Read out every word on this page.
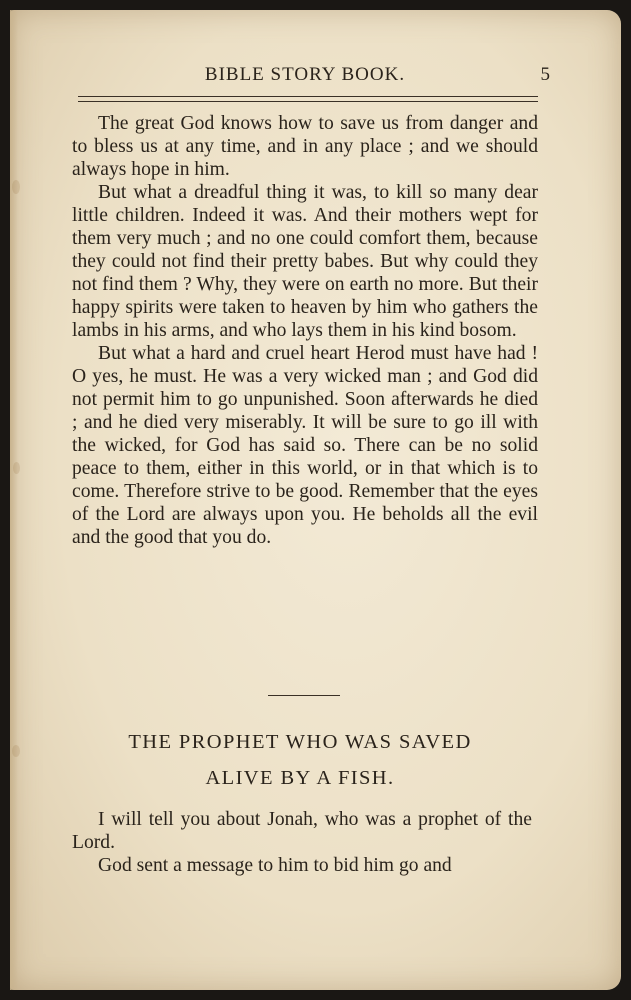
BIBLE STORY BOOK.	5

The great God knows how to save us from danger and to bless us at any time, and in any place ; and we should always hope in him.

But what a dreadful thing it was, to kill so many dear little children. Indeed it was. And their mothers wept for them very much ; and no one could comfort them, because they could not find their pretty babes. But why could they not find them ? Why, they were on earth no more. But their happy spirits were taken to heaven by him who gathers the lambs in his arms, and who lays them in his kind bosom.

But what a hard and cruel heart Herod must have had ! O yes, he must. He was a very wicked man ; and God did not permit him to go unpunished. Soon afterwards he died ; and he died very miserably. It will be sure to go ill with the wicked, for God has said so. There can be no solid peace to them, either in this world, or in that which is to come. Therefore strive to be good. Remember that the eyes of the Lord are always upon you. He beholds all the evil and the good that you do.

THE PROPHET WHO WAS SAVED
ALIVE BY A FISH.

I will tell you about Jonah, who was a prophet of the Lord.

God sent a message to him to bid him go and
